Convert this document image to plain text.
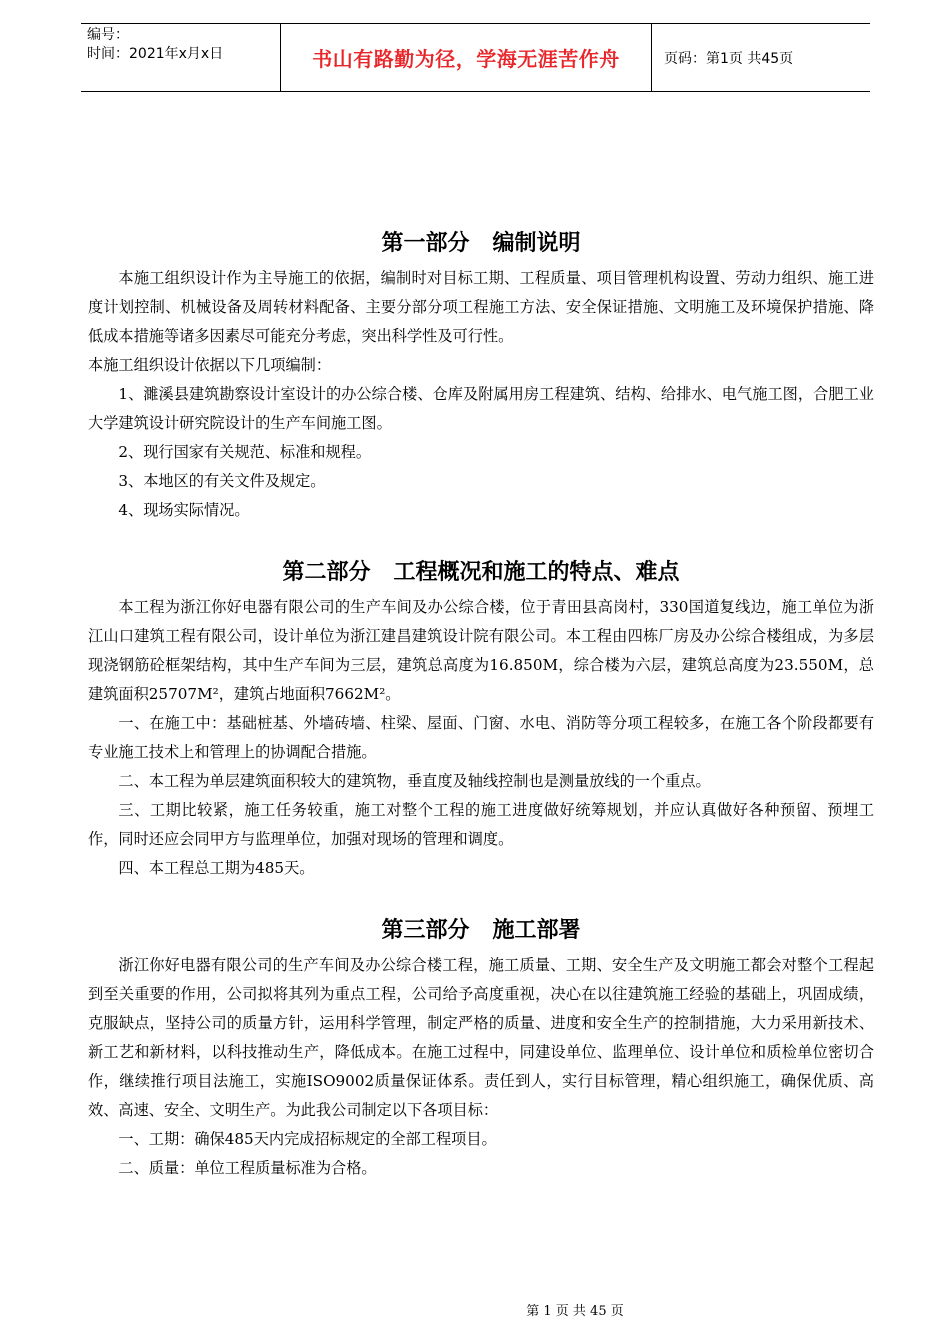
编号：
时间：2021年x月x日	书山有路勤为径，学海无涯苦作舟	页码：第1页 共45页
第一部分   编制说明

本施工组织设计作为主导施工的依据，编制时对目标工期、工程质量、项目管理机构设置、劳动力组织、施工进度计划控制、机械设备及周转材料配备、主要分部分项工程施工方法、安全保证措施、文明施工及环境保护措施、降低成本措施等诸多因素尽可能充分考虑，突出科学性及可行性。

本施工组织设计依据以下几项编制：

1、濉溪县建筑勘察设计室设计的办公综合楼、仓库及附属用房工程建筑、结构、给排水、电气施工图，合肥工业大学建筑设计研究院设计的生产车间施工图。

2、现行国家有关规范、标准和规程。

3、本地区的有关文件及规定。

4、现场实际情况。

第二部分   工程概况和施工的特点、难点

本工程为浙江你好电器有限公司的生产车间及办公综合楼，位于青田县高岗村，330国道复线边，施工单位为浙江山口建筑工程有限公司，设计单位为浙江建昌建筑设计院有限公司。本工程由四栋厂房及办公综合楼组成，为多层现浇钢筋砼框架结构，其中生产车间为三层，建筑总高度为16.850M，综合楼为六层，建筑总高度为23.550M，总建筑面积25707M²，建筑占地面积7662M²。

一、在施工中：基础桩基、外墙砖墙、柱梁、屋面、门窗、水电、消防等分项工程较多，在施工各个阶段都要有专业施工技术上和管理上的协调配合措施。

二、本工程为单层建筑面积较大的建筑物，垂直度及轴线控制也是测量放线的一个重点。

三、工期比较紧，施工任务较重，施工对整个工程的施工进度做好统筹规划，并应认真做好各种预留、预埋工作，同时还应会同甲方与监理单位，加强对现场的管理和调度。

四、本工程总工期为485天。

第三部分   施工部署

浙江你好电器有限公司的生产车间及办公综合楼工程，施工质量、工期、安全生产及文明施工都会对整个工程起到至关重要的作用，公司拟将其列为重点工程，公司给予高度重视，决心在以往建筑施工经验的基础上，巩固成绩，克服缺点，坚持公司的质量方针，运用科学管理，制定严格的质量、进度和安全生产的控制措施，大力采用新技术、新工艺和新材料，以科技推动生产，降低成本。在施工过程中，同建设单位、监理单位、设计单位和质检单位密切合作，继续推行项目法施工，实施ISO9002质量保证体系。责任到人，实行目标管理，精心组织施工，确保优质、高效、高速、安全、文明生产。为此我公司制定以下各项目标：

一、工期：确保485天内完成招标规定的全部工程项目。

二、质量：单位工程质量标准为合格。

第 1 页 共 45 页
